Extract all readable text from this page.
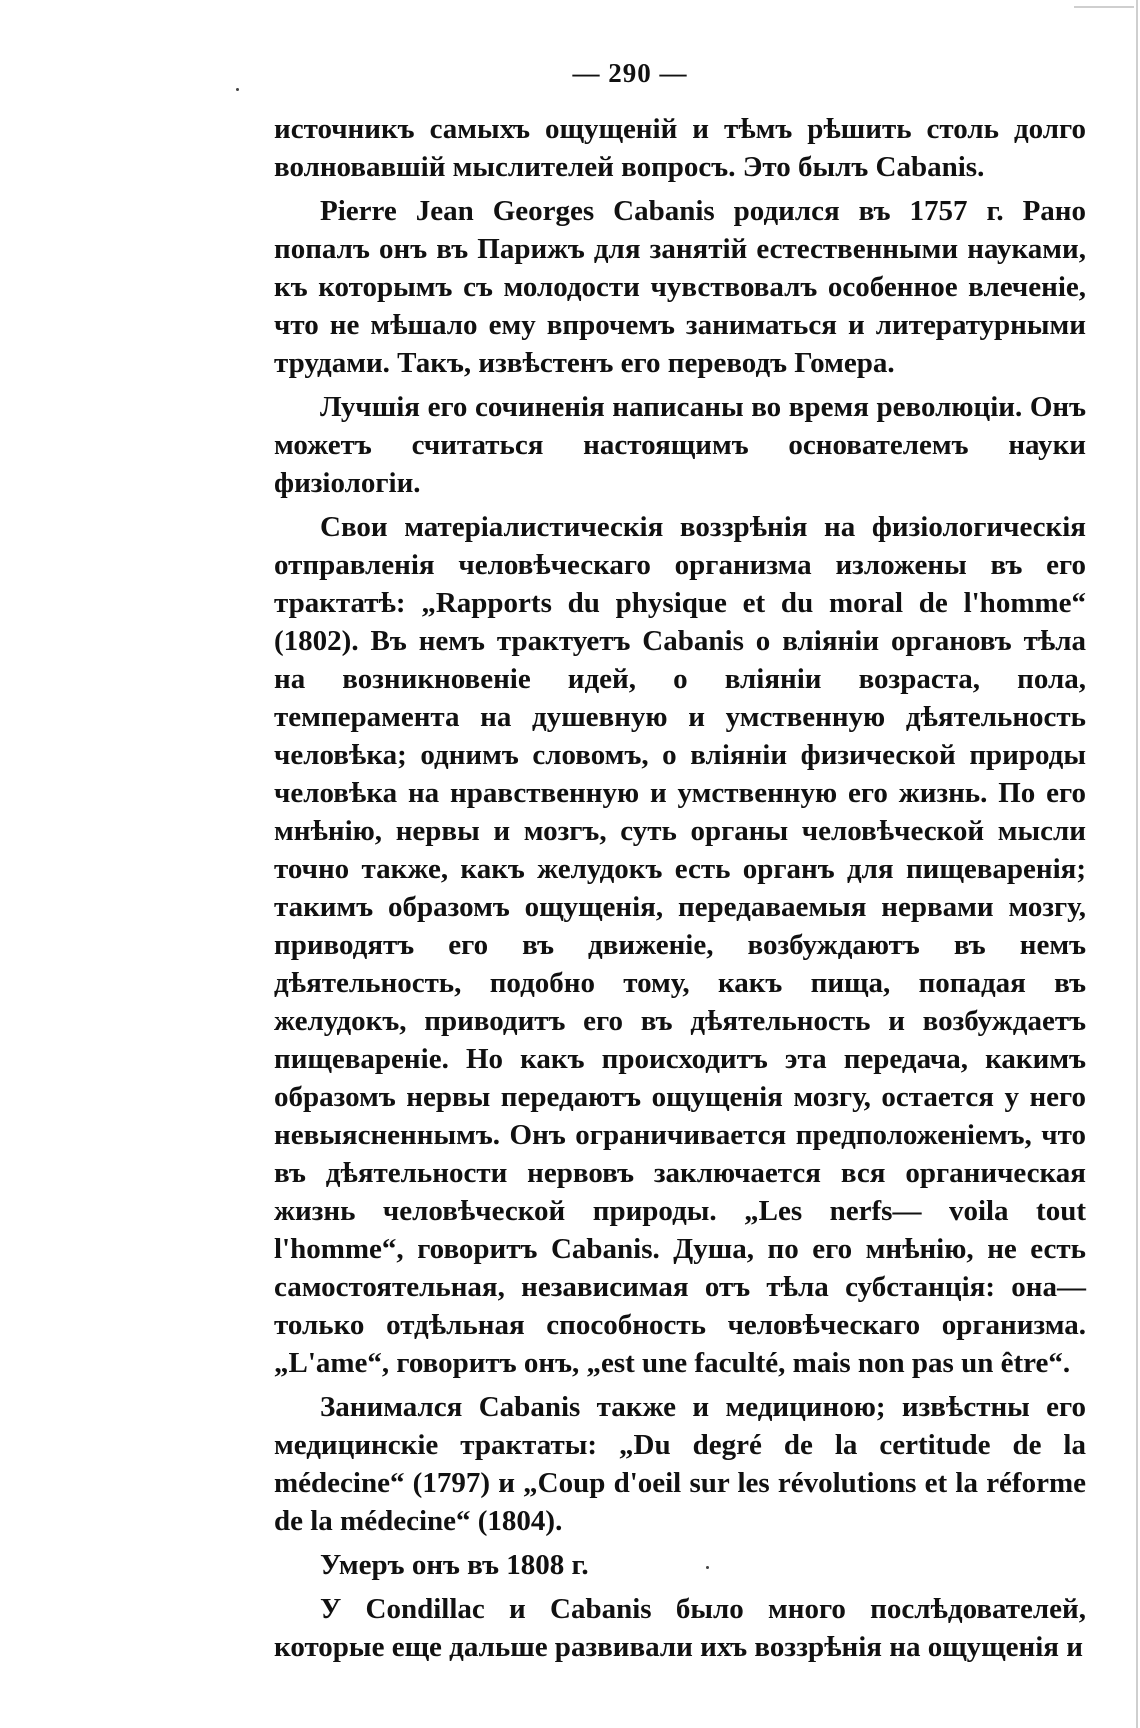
— 290 —

источникъ самыхъ ощущеній и тѣмъ рѣшить столь долго волновавшій мыслителей вопросъ. Это былъ Cabanis.

Pierre Jean Georges Cabanis родился въ 1757 г. Рано попалъ онъ въ Парижъ для занятій естественными науками, къ которымъ съ молодости чувствовалъ особенное влеченіе, что не мѣшало ему впрочемъ заниматься и литературными трудами. Такъ, извѣстенъ его переводъ Гомера.

Лучшія его сочиненія написаны во время революціи. Онъ можетъ считаться настоящимъ основателемъ науки физіологіи.

Свои матеріалистическія воззрѣнія на физіологическія отправленія человѣческаго организма изложены въ его трактатѣ: „Rapports du physique et du moral de l'homme“ (1802). Въ немъ трактуетъ Cabanis о вліяніи органовъ тѣла на возникновеніе идей, о вліяніи возраста, пола, темперамента на душевную и умственную дѣятельность человѣка; однимъ словомъ, о вліяніи физической природы человѣка на нравственную и умственную его жизнь. По его мнѣнію, нервы и мозгъ, суть органы человѣческой мысли точно также, какъ желудокъ есть органъ для пищеваренія; такимъ образомъ ощущенія, передаваемыя нервами мозгу, приводятъ его въ движеніе, возбуждаютъ въ немъ дѣятельность, подобно тому, какъ пища, попадая въ желудокъ, приводитъ его въ дѣятельность и возбуждаетъ пищевареніе. Но какъ происходитъ эта передача, какимъ образомъ нервы передаютъ ощущенія мозгу, остается у него невыясненнымъ. Онъ ограничивается предположеніемъ, что въ дѣятельности нервовъ заключается вся органическая жизнь человѣческой природы. „Les nerfs— voila tout l'homme“, говоритъ Cabanis. Душа, по его мнѣнію, не есть самостоятельная, независимая отъ тѣла субстанція: она—только отдѣльная способность человѣческаго организма. „L'ame“, говоритъ онъ, „est une faculté, mais non pas un être“.

Занимался Cabanis также и медициною; извѣстны его медицинскіе трактаты: „Du degré de la certitude de la médecine“ (1797) и „Coup d'oeil sur les révolutions et la réforme de la médecine“ (1804).

Умеръ онъ въ 1808 г.

У Condillac и Cabanis было много послѣдователей, которые еще дальше развивали ихъ воззрѣнія на ощущенія и
